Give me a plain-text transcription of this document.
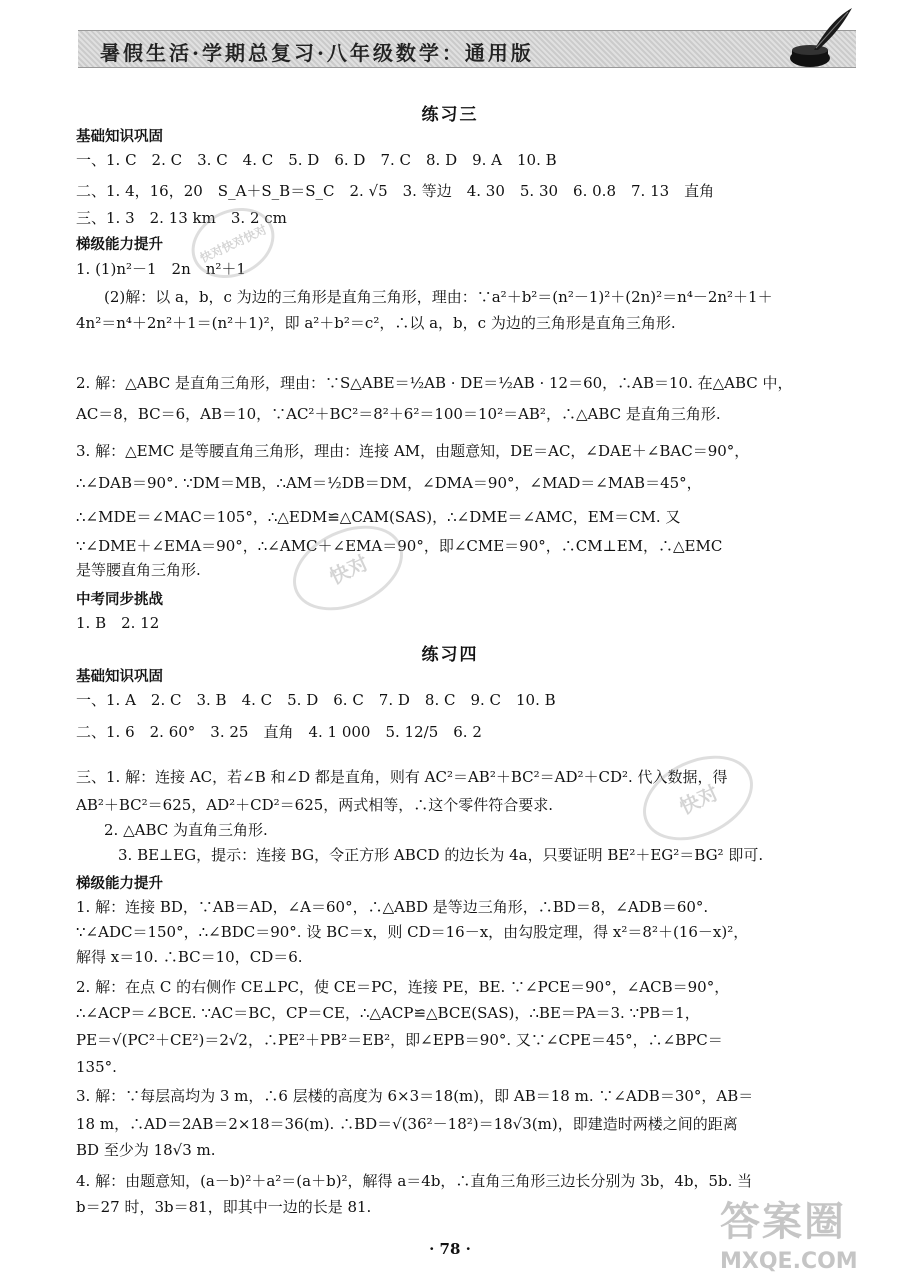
暑假生活·学期总复习·八年级数学：通用版
练习三
基础知识巩固
一、1. C　2. C　3. C　4. C　5. D　6. D　7. C　8. D　9. A　10. B
二、1. 4，16，20　S_A＋S_B＝S_C　2. √5　3. 等边　4. 30　5. 30　6. 0.8　7. 13　直角
三、1. 3　2. 13 km　3. 2 cm
梯级能力提升
1. (1)n²－1　2n　n²＋1
(2)解：以 a，b，c 为边的三角形是直角三角形，理由：∵a²＋b²＝(n²－1)²＋(2n)²＝n⁴－2n²＋1＋
4n²＝n⁴＋2n²＋1＝(n²＋1)²，即 a²＋b²＝c²，∴以 a，b，c 为边的三角形是直角三角形.
2. 解：△ABC 是直角三角形，理由：∵S△ABE＝½AB · DE＝½AB · 12＝60，∴AB＝10. 在△ABC 中，
AC＝8，BC＝6，AB＝10，∵AC²＋BC²＝8²＋6²＝100＝10²＝AB²，∴△ABC 是直角三角形.
3. 解：△EMC 是等腰直角三角形，理由：连接 AM，由题意知，DE＝AC，∠DAE＋∠BAC＝90°，
∴∠DAB＝90°. ∵DM＝MB，∴AM＝½DB＝DM，∠DMA＝90°，∠MAD＝∠MAB＝45°，
∴∠MDE＝∠MAC＝105°，∴△EDM≌△CAM(SAS)，∴∠DME＝∠AMC，EM＝CM. 又
∵∠DME＋∠EMA＝90°，∴∠AMC＋∠EMA＝90°，即∠CME＝90°，∴CM⊥EM，∴△EMC
是等腰直角三角形.
中考同步挑战
1. B　2. 12
练习四
基础知识巩固
一、1. A　2. C　3. B　4. C　5. D　6. C　7. D　8. C　9. C　10. B
二、1. 6　2. 60°　3. 25　直角　4. 1 000　5. 12/5　6. 2
三、1. 解：连接 AC，若∠B 和∠D 都是直角，则有 AC²＝AB²＋BC²＝AD²＋CD². 代入数据，得
AB²＋BC²＝625，AD²＋CD²＝625，两式相等，∴这个零件符合要求.
2. △ABC 为直角三角形.
3. BE⊥EG，提示：连接 BG，令正方形 ABCD 的边长为 4a，只要证明 BE²＋EG²＝BG² 即可.
梯级能力提升
1. 解：连接 BD，∵AB＝AD，∠A＝60°，∴△ABD 是等边三角形，∴BD＝8，∠ADB＝60°.
∵∠ADC＝150°，∴∠BDC＝90°. 设 BC＝x，则 CD＝16－x，由勾股定理，得 x²＝8²＋(16－x)²，
解得 x＝10. ∴BC＝10，CD＝6.
2. 解：在点 C 的右侧作 CE⊥PC，使 CE＝PC，连接 PE，BE. ∵∠PCE＝90°，∠ACB＝90°，
∴∠ACP＝∠BCE. ∵AC＝BC，CP＝CE，∴△ACP≌△BCE(SAS)，∴BE＝PA＝3. ∵PB＝1，
PE＝√(PC²＋CE²)＝2√2，∴PE²＋PB²＝EB²，即∠EPB＝90°. 又∵∠CPE＝45°，∴∠BPC＝
135°.
3. 解：∵每层高均为 3 m，∴6 层楼的高度为 6×3＝18(m)，即 AB＝18 m. ∵∠ADB＝30°，AB＝
18 m，∴AD＝2AB＝2×18＝36(m). ∴BD＝√(36²－18²)＝18√3(m)，即建造时两楼之间的距离
BD 至少为 18√3 m.
4. 解：由题意知，(a－b)²＋a²＝(a＋b)²，解得 a＝4b，∴直角三角形三边长分别为 3b，4b，5b. 当
b＝27 时，3b＝81，即其中一边的长是 81.
· 78 ·
快对快对快对
快对
快对
答案圈
MXQE.COM
